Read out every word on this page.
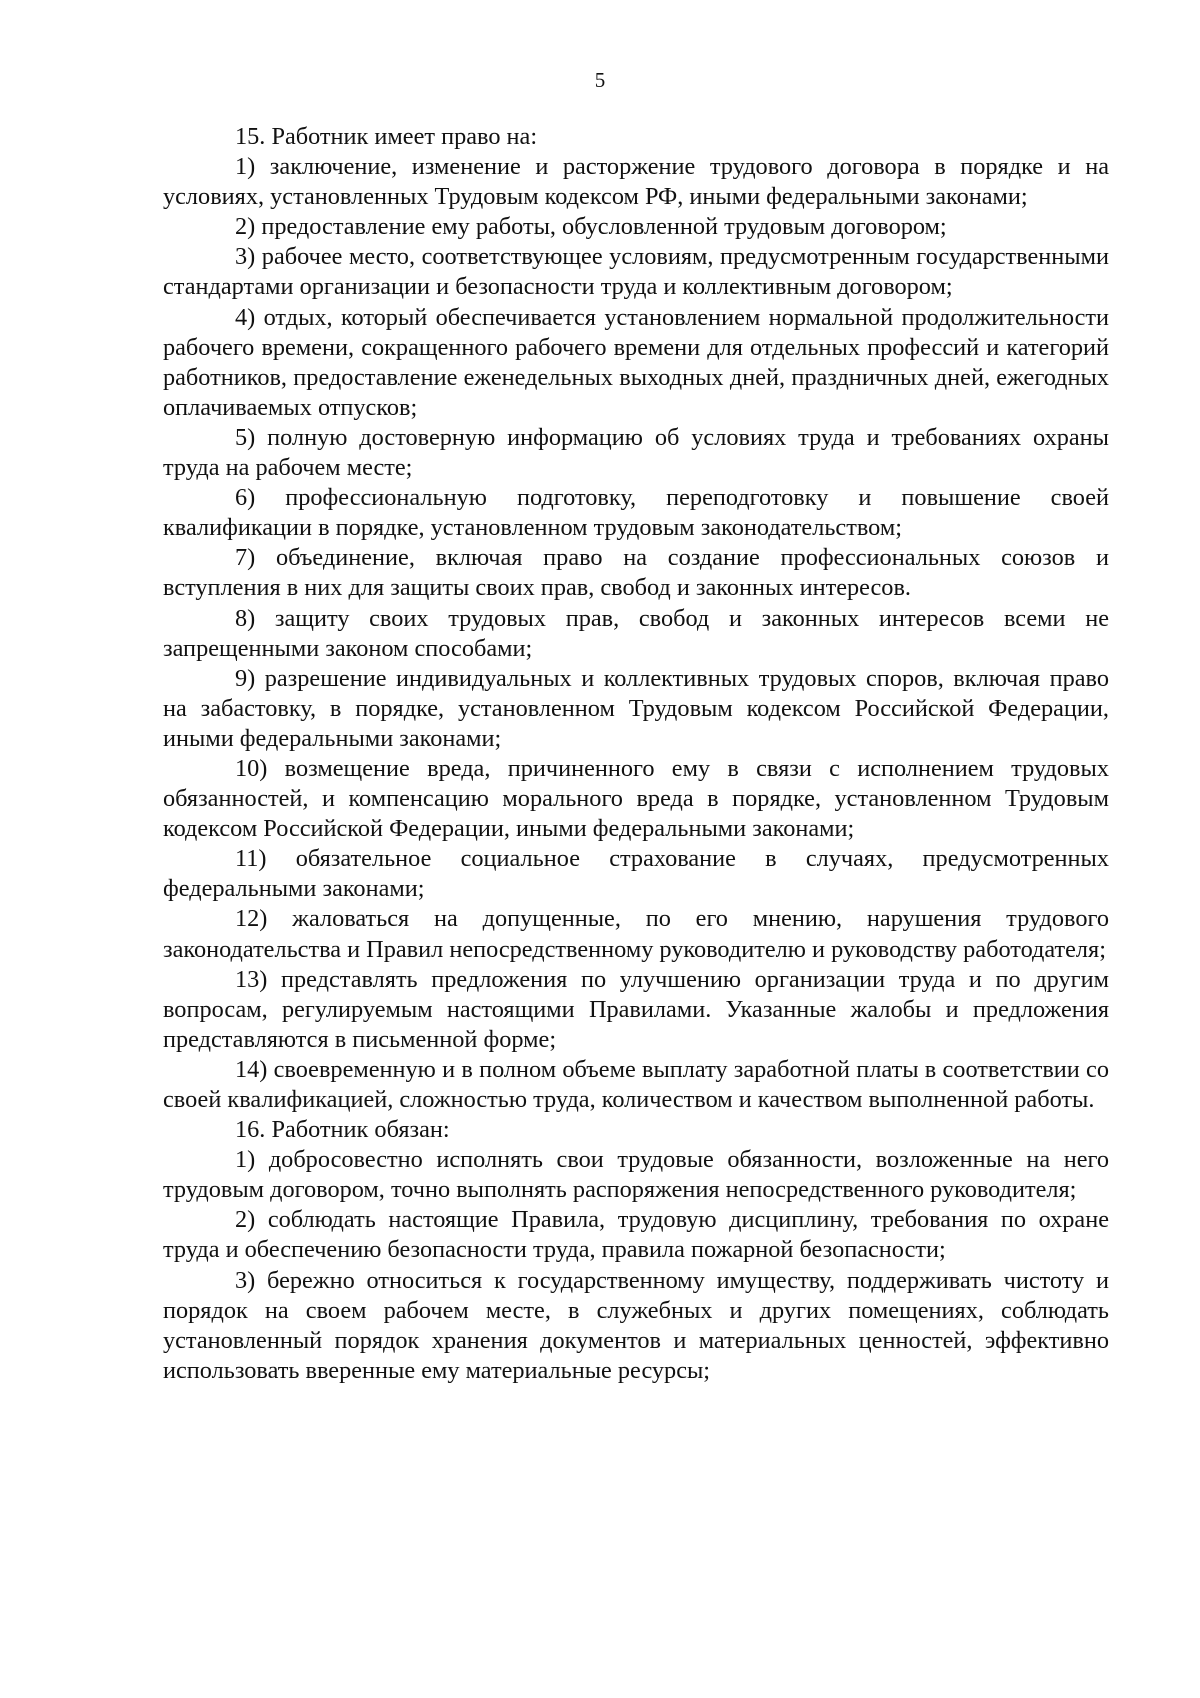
5

15. Работник имеет право на:

1) заключение, изменение и расторжение трудового договора в порядке и на условиях, установленных Трудовым кодексом РФ, иными федеральными законами;

2) предоставление ему работы, обусловленной трудовым договором;

3) рабочее место, соответствующее условиям, предусмотренным государственными стандартами организации и безопасности труда и коллективным договором;

4) отдых, который обеспечивается установлением нормальной продолжительности рабочего времени, сокращенного рабочего времени для отдельных профессий и категорий работников, предоставление еженедельных выходных дней, праздничных дней, ежегодных оплачиваемых отпусков;

5) полную достоверную информацию об условиях труда и требованиях охраны труда на рабочем месте;

6) профессиональную подготовку, переподготовку и повышение своей квалификации в порядке, установленном трудовым законодательством;

7) объединение, включая право на создание профессиональных союзов и вступления в них для защиты своих прав, свобод и законных интересов.

8) защиту своих трудовых прав, свобод и законных интересов всеми не запрещенными законом способами;

9) разрешение индивидуальных и коллективных трудовых споров, включая право на забастовку, в порядке, установленном Трудовым кодексом Российской Федерации, иными федеральными законами;

10) возмещение вреда, причиненного ему в связи с исполнением трудовых обязанностей, и компенсацию морального вреда в порядке, установленном Трудовым кодексом Российской Федерации, иными федеральными законами;

11) обязательное социальное страхование в случаях, предусмотренных федеральными законами;

12) жаловаться на допущенные, по его мнению, нарушения трудового законодательства и Правил непосредственному руководителю и руководству работодателя;

13) представлять предложения по улучшению организации труда и по другим вопросам, регулируемым настоящими Правилами. Указанные жалобы и предложения представляются в письменной форме;

14) своевременную и в полном объеме выплату заработной платы в соответствии со своей квалификацией, сложностью труда, количеством и качеством выполненной работы.

16. Работник обязан:

1) добросовестно исполнять свои трудовые обязанности, возложенные на него трудовым договором, точно выполнять распоряжения непосредственного руководителя;

2) соблюдать настоящие Правила, трудовую дисциплину, требования по охране труда и обеспечению безопасности труда, правила пожарной безопасности;

3) бережно относиться к государственному имуществу, поддерживать чистоту и порядок на своем рабочем месте, в служебных и других помещениях, соблюдать установленный порядок хранения документов и материальных ценностей, эффективно использовать вверенные ему материальные ресурсы;
